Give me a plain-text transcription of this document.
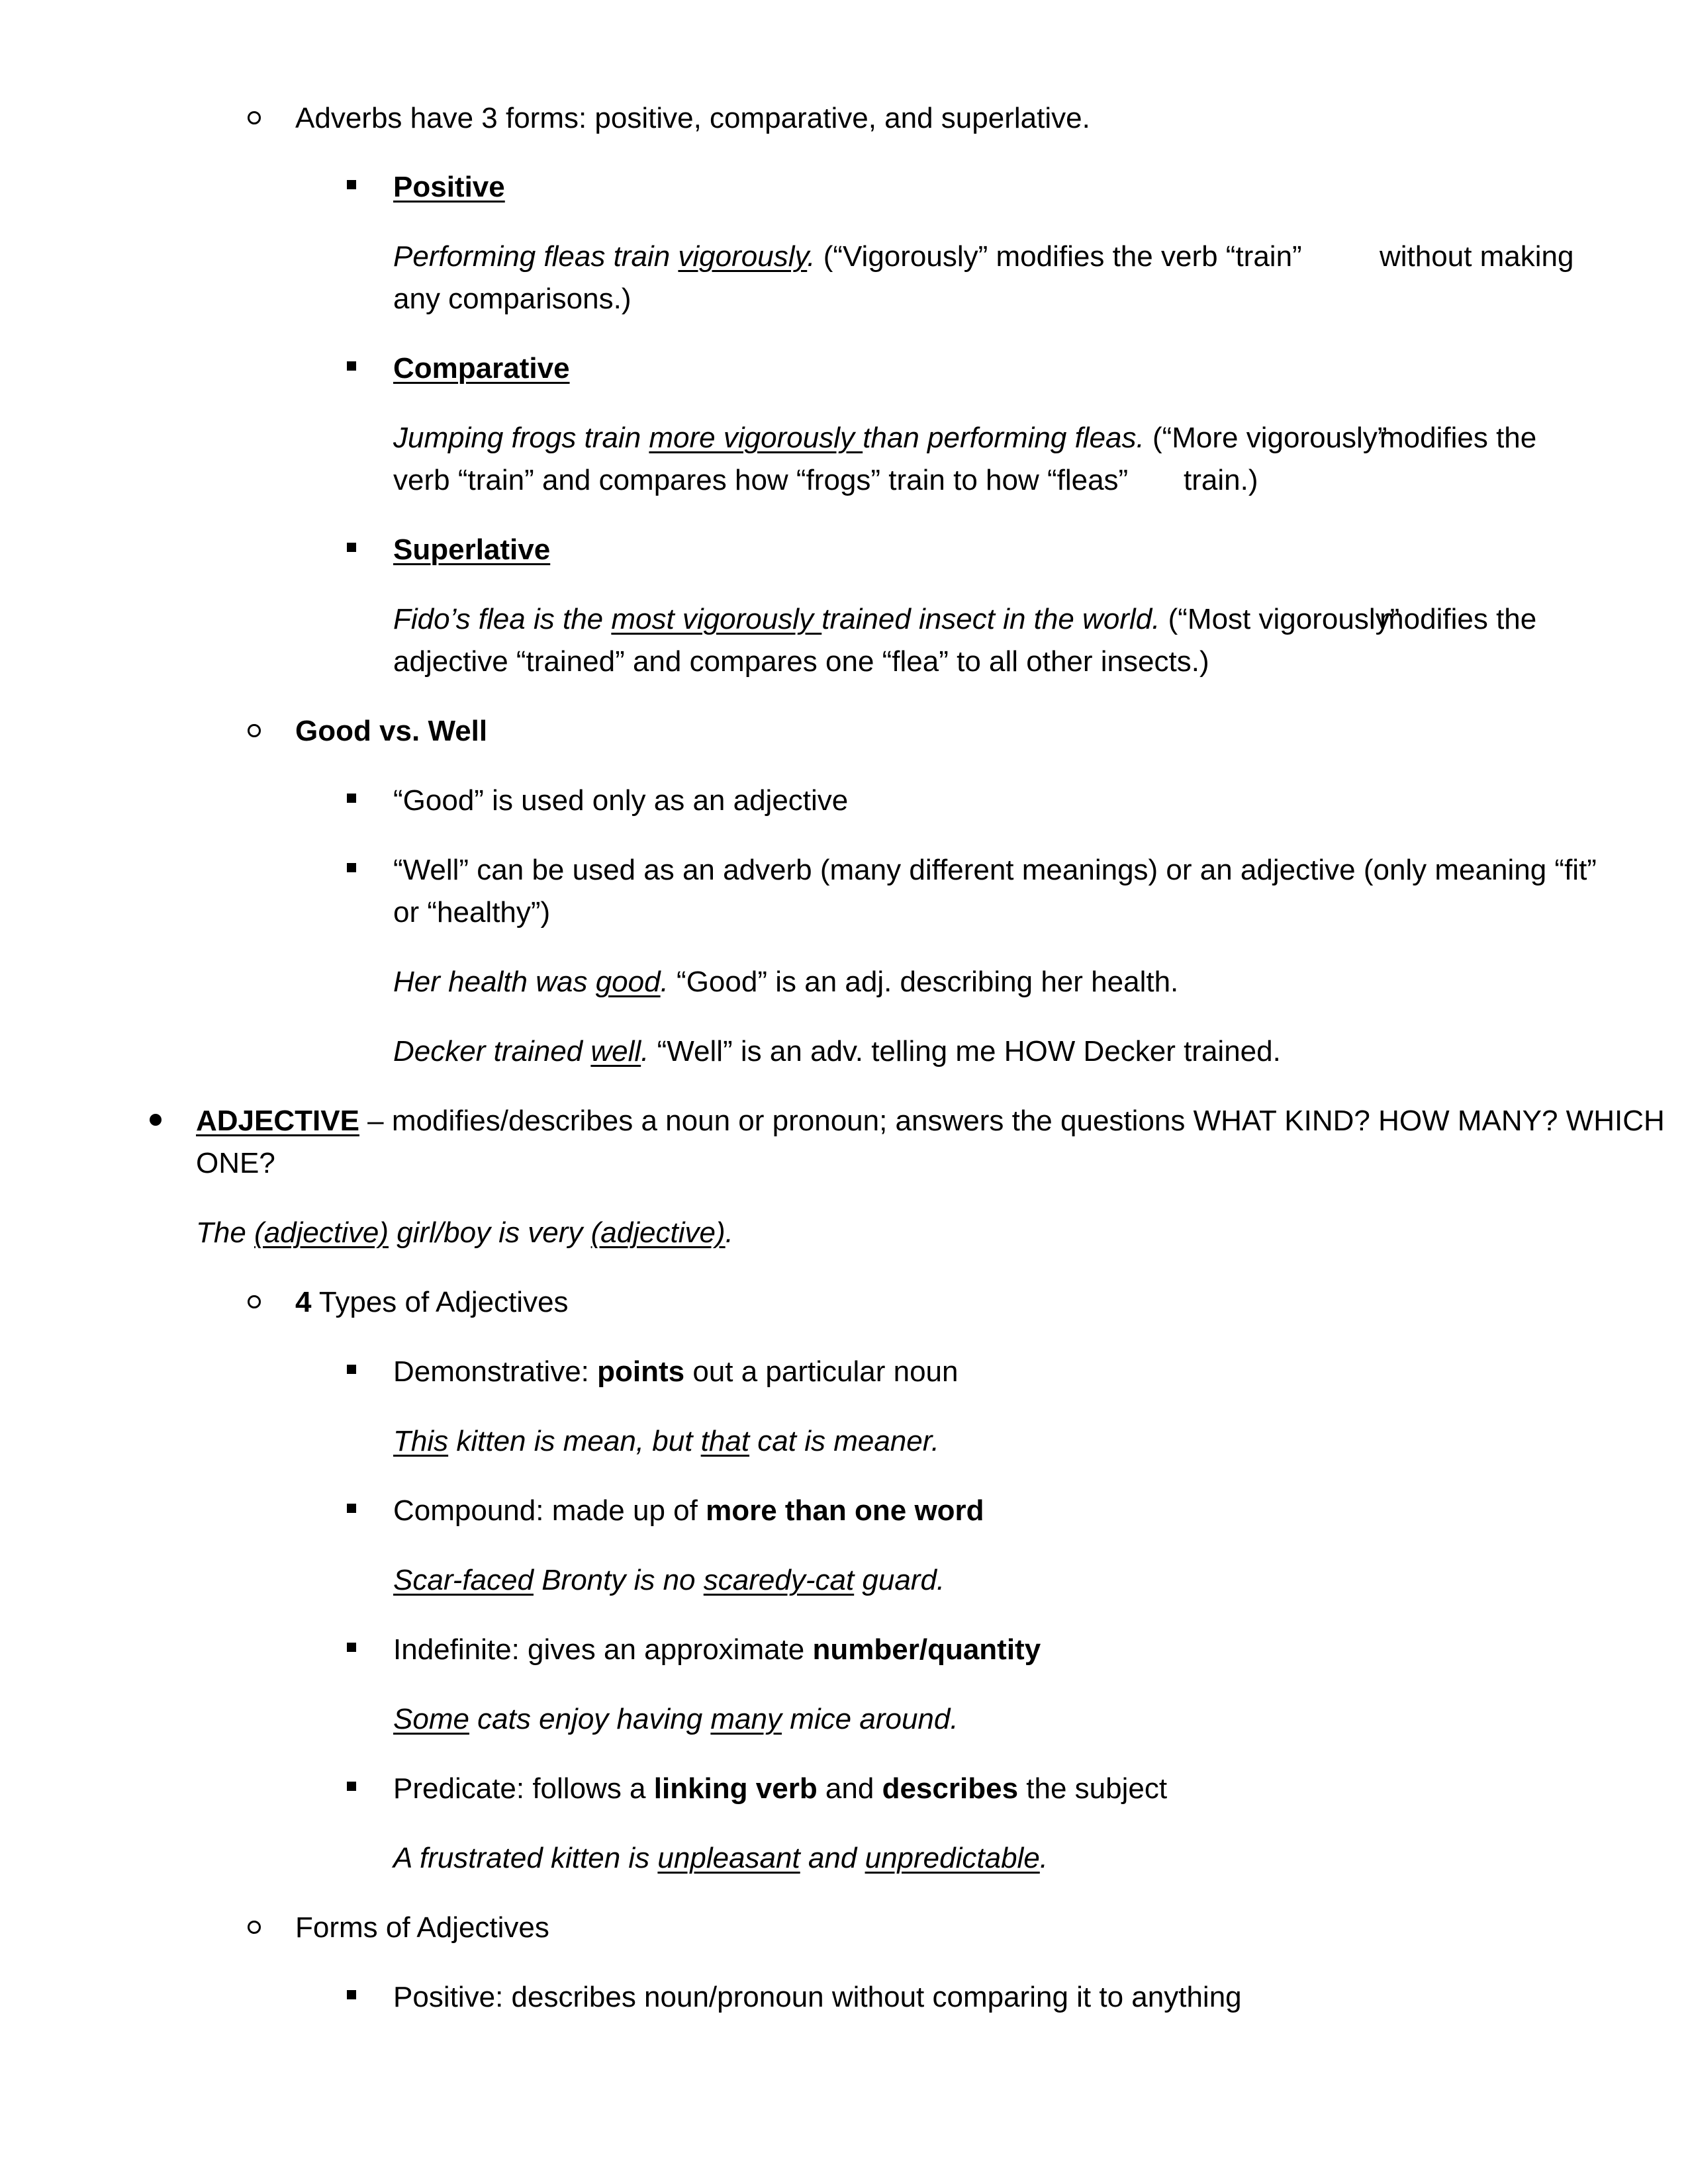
Adverbs have 3 forms: positive, comparative, and superlative.
Positive
Performing fleas train vigorously. (“Vigorously” modifies the verb “train”	without making
any comparisons.)
Comparative
Jumping frogs train more vigorously than performing fleas. (“More vigorously”
modifies the
verb “train” and compares how “frogs” train to how “fleas” train.)
Superlative
Fido’s flea is the most vigorously trained insect in the world. (“Most vigorously”
modifies the
adjective “trained” and compares one “flea” to all other insects.)
Good vs. Well
“Good” is used only as an adjective
“Well” can be used as an adverb (many different meanings) or an adjective (only meaning “fit”
or “healthy”)
Her health was good. “Good” is an adj. describing her health.
Decker trained well. “Well” is an adv. telling me HOW Decker trained.
ADJECTIVE – modifies/describes a noun or pronoun; answers the questions WHAT KIND? HOW MANY? WHICH
ONE?
The (adjective) girl/boy is very (adjective).
4 Types of Adjectives
Demonstrative: points out a particular noun
This kitten is mean, but that cat is meaner.
Compound: made up of more than one word
Scar-faced Bronty is no scaredy-cat guard.
Indefinite: gives an approximate number/quantity
Some cats enjoy having many mice around.
Predicate: follows a linking verb and describes the subject
A frustrated kitten is unpleasant and unpredictable.
Forms of Adjectives
Positive: describes noun/pronoun without comparing it to anything
